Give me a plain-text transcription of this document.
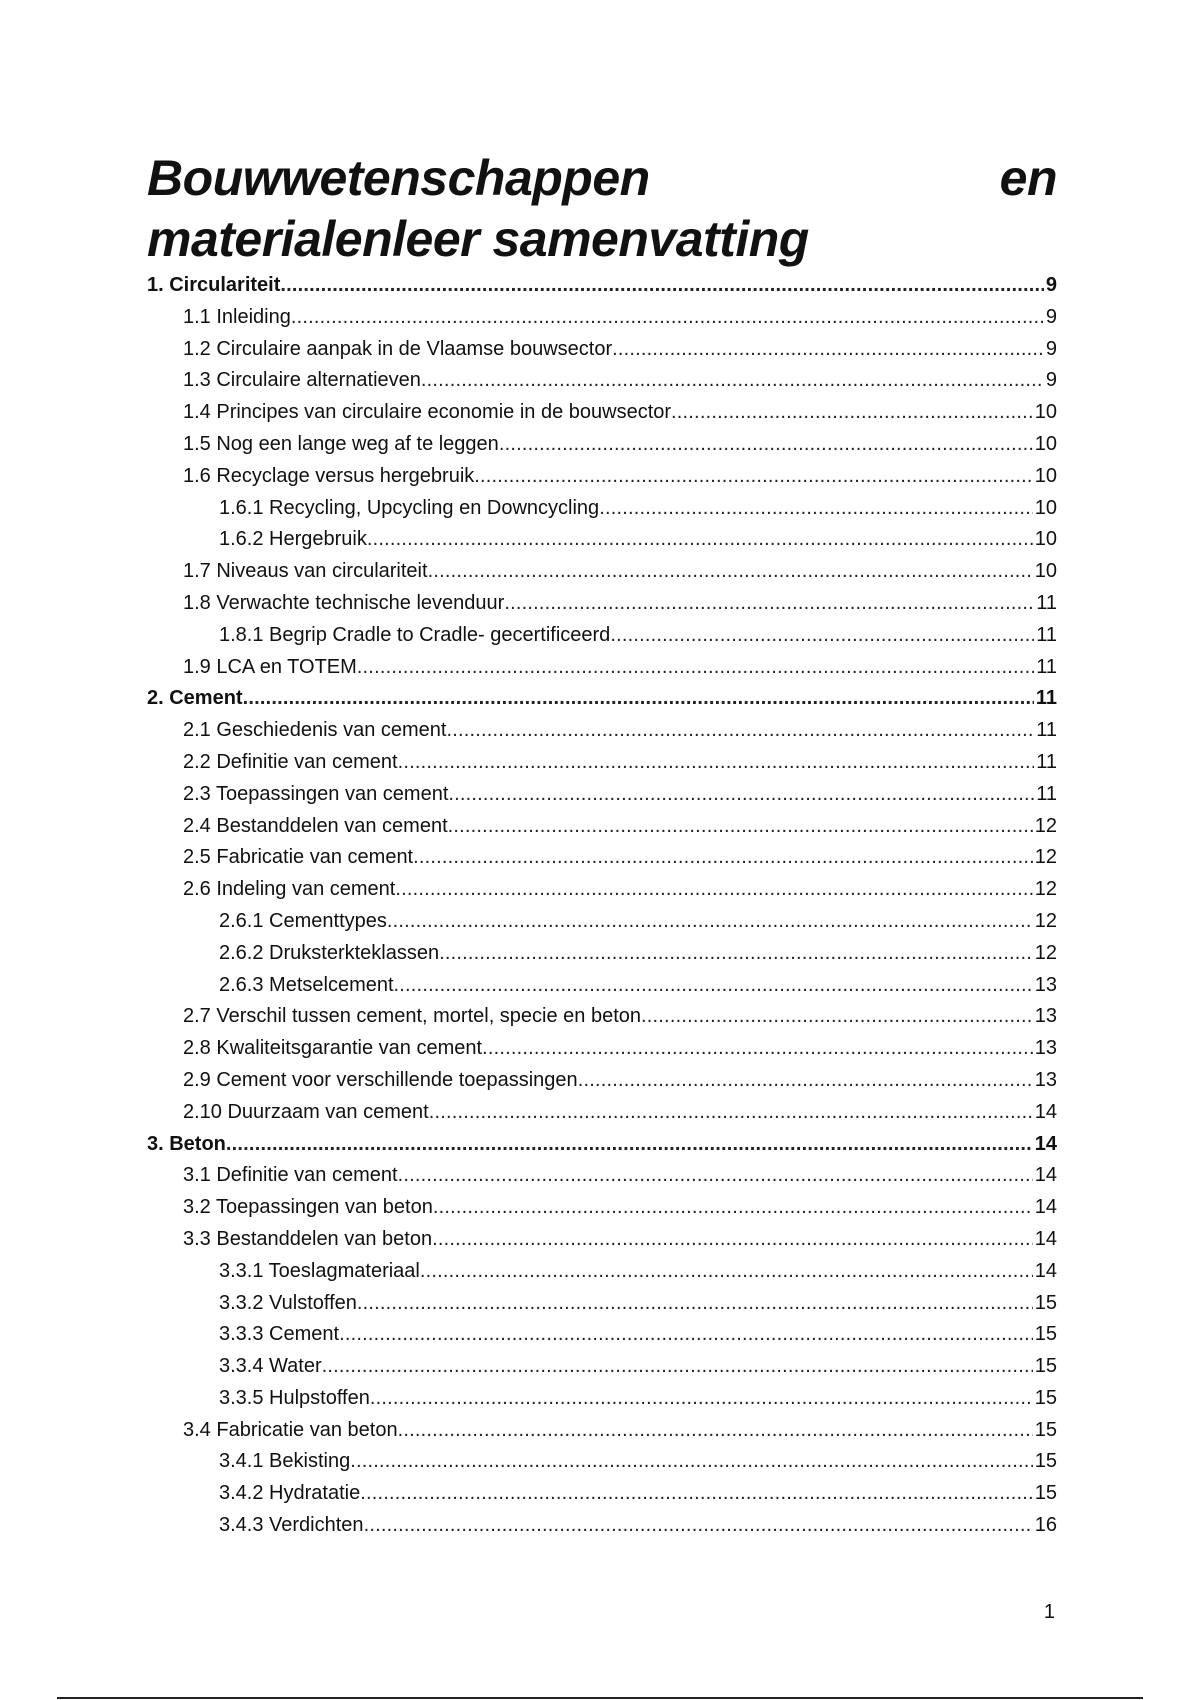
Bouwwetenschappen	en
materialenleer samenvatting
1. Circulariteit .....	9
1.1 Inleiding .....	9
1.2 Circulaire aanpak in de Vlaamse bouwsector .....	9
1.3 Circulaire alternatieven .....	9
1.4 Principes van circulaire economie in de bouwsector .....	10
1.5 Nog een lange weg af te leggen .....	10
1.6 Recyclage versus hergebruik .....	10
1.6.1 Recycling, Upcycling en Downcycling .....	10
1.6.2 Hergebruik .....	10
1.7 Niveaus van circulariteit .....	10
1.8 Verwachte technische levenduur .....	11
1.8.1 Begrip Cradle to Cradle- gecertificeerd .....	11
1.9 LCA en TOTEM .....	11
2. Cement .....	11
2.1 Geschiedenis van cement .....	11
2.2 Definitie van cement .....	11
2.3 Toepassingen van cement .....	11
2.4 Bestanddelen van cement .....	12
2.5 Fabricatie van cement .....	12
2.6 Indeling van cement .....	12
2.6.1 Cementtypes .....	12
2.6.2 Druksterkteklassen .....	12
2.6.3 Metselcement .....	13
2.7 Verschil tussen cement, mortel, specie en beton .....	13
2.8 Kwaliteitsgarantie van cement .....	13
2.9 Cement voor verschillende toepassingen .....	13
2.10 Duurzaam van cement .....	14
3. Beton .....	14
3.1 Definitie van cement .....	14
3.2 Toepassingen van beton .....	14
3.3 Bestanddelen van beton .....	14
3.3.1 Toeslagmateriaal .....	14
3.3.2 Vulstoffen .....	15
3.3.3 Cement .....	15
3.3.4 Water .....	15
3.3.5 Hulpstoffen .....	15
3.4 Fabricatie van beton .....	15
3.4.1 Bekisting .....	15
3.4.2 Hydratatie .....	15
3.4.3 Verdichten .....	16
1
